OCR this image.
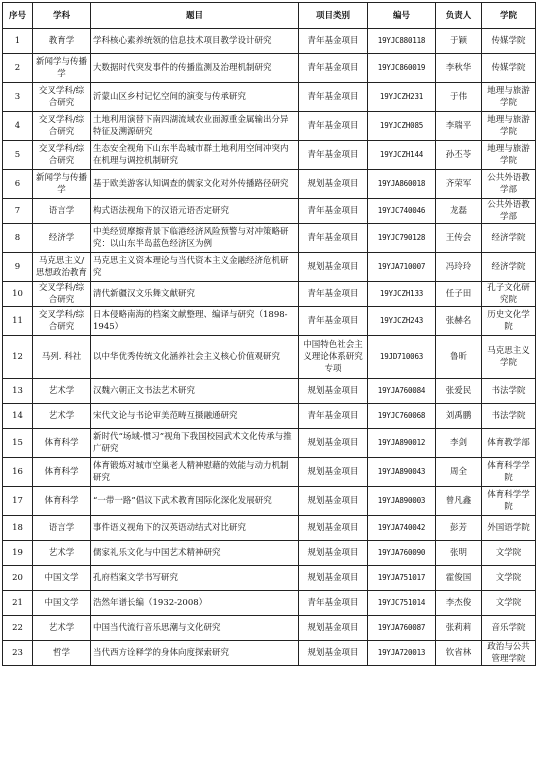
序号	学科	题目	项目类别	编号	负责人	学院
1	教育学	学科核心素养统领的信息技术项目教学设计研究	青年基金项目	19YJC880118	于颖	传媒学院
2	新闻学与传播学	大数据时代突发事件的传播监测及治理机制研究	青年基金项目	19YJC860019	李秋华	传媒学院
3	交叉学科/综合研究	沂蒙山区乡村记忆空间的演变与传承研究	青年基金项目	19YJCZH231	于伟	地理与旅游学院
4	交叉学科/综合研究	土地利用演替下南四湖流域农业面源重金属输出分异特征及溯源研究	青年基金项目	19YJCZH085	李瑞平	地理与旅游学院
5	交叉学科/综合研究	生态安全视角下山东半岛城市群土地利用空间冲突内在机理与调控机制研究	青年基金项目	19YJCZH144	孙丕苓	地理与旅游学院
6	新闻学与传播学	基于欧美游客认知调查的儒家文化对外传播路径研究	规划基金项目	19YJA860018	齐荣军	公共外语教学部
7	语言学	构式语法视角下的汉语元语否定研究	青年基金项目	19YJC740046	龙磊	公共外语教学部
8	经济学	中美经贸摩擦背景下临港经济风险预警与对冲策略研究：以山东半岛蓝色经济区为例	青年基金项目	19YJC790128	王传会	经济学院
9	马克思主义/思想政治教育	马克思主义资本理论与当代资本主义金融经济危机研究	规划基金项目	19YJA710007	冯玲玲	经济学院
10	交叉学科/综合研究	清代新疆汉文乐舞文献研究	青年基金项目	19YJCZH133	任子田	孔子文化研究院
11	交叉学科/综合研究	日本侵略南海的档案文献整理、编译与研究（1898-1945）	青年基金项目	19YJCZH243	张赫名	历史文化学院
12	马列. 科社	以中华优秀传统文化涵养社会主义核心价值观研究	中国特色社会主义理论体系研究专项	19JD710063	鲁昕	马克思主义学院
13	艺术学	汉魏六朝正文书法艺术研究	规划基金项目	19YJA760084	张爱民	书法学院
14	艺术学	宋代文论与书论审美范畴互摄融通研究	青年基金项目	19YJC760068	刘禹鹏	书法学院
15	体育科学	新时代“场域-惯习”视角下我国校园武术文化传承与推广研究	规划基金项目	19YJA890012	李剑	体育教学部
16	体育科学	体育锻炼对城市空巢老人精神慰藉的效能与动力机制研究	规划基金项目	19YJA890043	周全	体育科学学院
17	体育科学	“一带一路”倡议下武术教育国际化深化发展研究	规划基金项目	19YJA890003	曾凡鑫	体育科学学院
18	语言学	事件语义视角下的汉英语动结式对比研究	规划基金项目	19YJA740042	彭芳	外国语学院
19	艺术学	儒家礼乐文化与中国艺术精神研究	规划基金项目	19YJA760090	张明	文学院
20	中国文学	孔府档案文学书写研究	规划基金项目	19YJA751017	霍俊国	文学院
21	中国文学	浩然年谱长编（1932-2008）	青年基金项目	19YJC751014	李杰俊	文学院
22	艺术学	中国当代流行音乐思潮与文化研究	规划基金项目	19YJA760087	张莉莉	音乐学院
23	哲学	当代西方诠释学的身体向度探索研究	规划基金项目	19YJA720013	钦省林	政治与公共管理学院
